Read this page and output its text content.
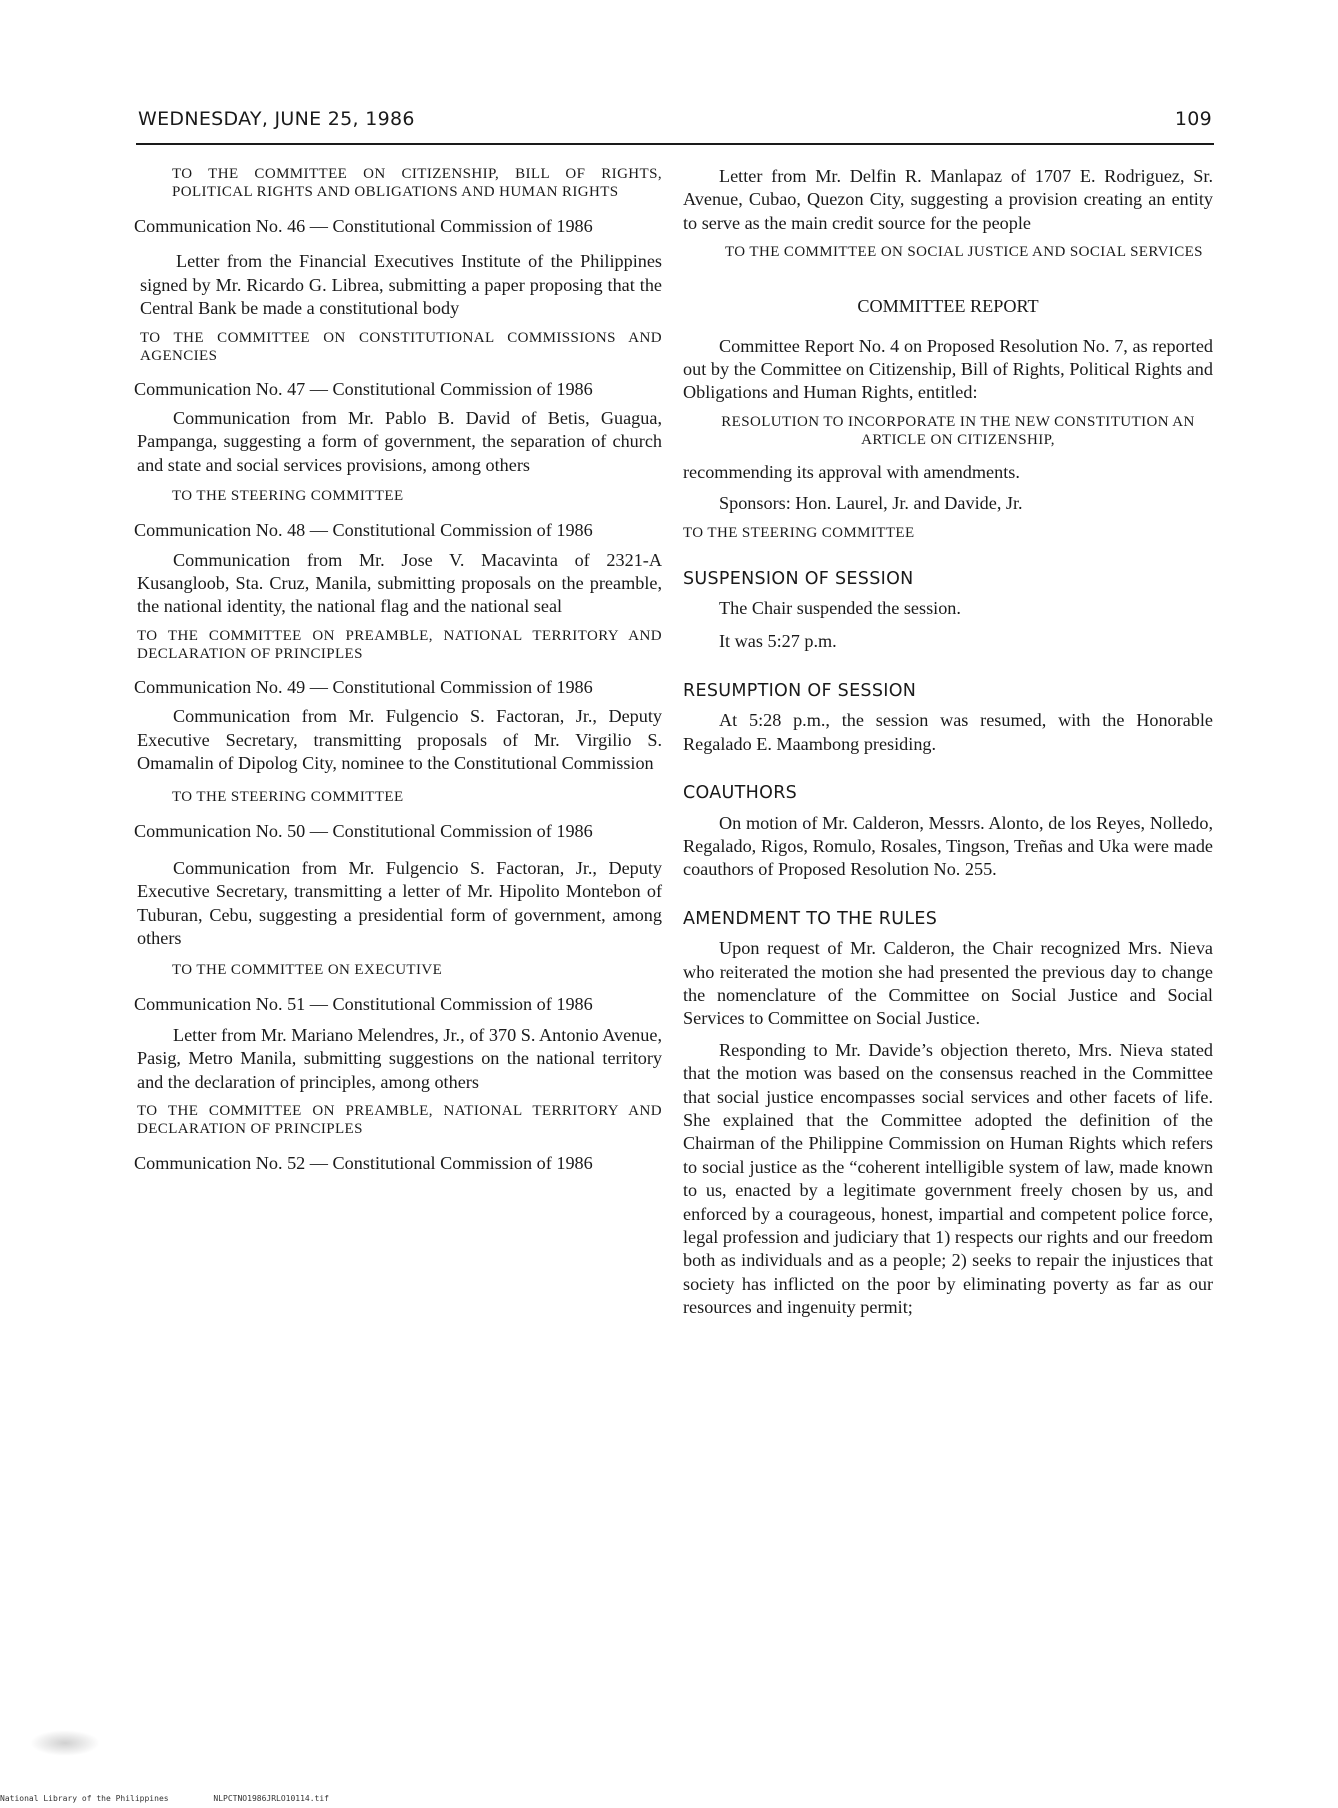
WEDNESDAY, JUNE 25, 1986	109

TO THE COMMITTEE ON CITIZENSHIP, BILL OF RIGHTS, POLITICAL RIGHTS AND OBLIGATIONS AND HUMAN RIGHTS

Communication No. 46 — Constitutional Commission of 1986

Letter from the Financial Executives Institute of the Philippines signed by Mr. Ricardo G. Librea, submitting a paper proposing that the Central Bank be made a constitutional body

TO THE COMMITTEE ON CONSTITUTIONAL COMMISSIONS AND AGENCIES

Communication No. 47 — Constitutional Commission of 1986

Communication from Mr. Pablo B. David of Betis, Guagua, Pampanga, suggesting a form of government, the separation of church and state and social services provisions, among others

TO THE STEERING COMMITTEE

Communication No. 48 — Constitutional Commission of 1986

Communication from Mr. Jose V. Macavinta of 2321-A Kusangloob, Sta. Cruz, Manila, submitting proposals on the preamble, the national identity, the national flag and the national seal

TO THE COMMITTEE ON PREAMBLE, NATIONAL TERRITORY AND DECLARATION OF PRINCIPLES

Communication No. 49 — Constitutional Commission of 1986

Communication from Mr. Fulgencio S. Factoran, Jr., Deputy Executive Secretary, transmitting proposals of Mr. Virgilio S. Omamalin of Dipolog City, nominee to the Constitutional Commission

TO THE STEERING COMMITTEE

Communication No. 50 — Constitutional Commission of 1986

Communication from Mr. Fulgencio S. Factoran, Jr., Deputy Executive Secretary, transmitting a letter of Mr. Hipolito Montebon of Tuburan, Cebu, suggesting a presidential form of government, among others

TO THE COMMITTEE ON EXECUTIVE

Communication No. 51 — Constitutional Commission of 1986

Letter from Mr. Mariano Melendres, Jr., of 370 S. Antonio Avenue, Pasig, Metro Manila, submitting suggestions on the national territory and the declaration of principles, among others

TO THE COMMITTEE ON PREAMBLE, NATIONAL TERRITORY AND DECLARATION OF PRINCIPLES

Communication No. 52 — Constitutional Commission of 1986

Letter from Mr. Delfin R. Manlapaz of 1707 E. Rodriguez, Sr. Avenue, Cubao, Quezon City, suggesting a provision creating an entity to serve as the main credit source for the people

TO THE COMMITTEE ON SOCIAL JUSTICE AND SOCIAL SERVICES

COMMITTEE REPORT

Committee Report No. 4 on Proposed Resolution No. 7, as reported out by the Committee on Citizenship, Bill of Rights, Political Rights and Obligations and Human Rights, entitled:

RESOLUTION TO INCORPORATE IN THE NEW CONSTITUTION AN ARTICLE ON CITIZENSHIP,

recommending its approval with amendments.

Sponsors: Hon. Laurel, Jr. and Davide, Jr.

TO THE STEERING COMMITTEE

SUSPENSION OF SESSION

The Chair suspended the session.

It was 5:27 p.m.

RESUMPTION OF SESSION

At 5:28 p.m., the session was resumed, with the Honorable Regalado E. Maambong presiding.

COAUTHORS

On motion of Mr. Calderon, Messrs. Alonto, de los Reyes, Nolledo, Regalado, Rigos, Romulo, Rosales, Tingson, Treñas and Uka were made coauthors of Proposed Resolution No. 255.

AMENDMENT TO THE RULES

Upon request of Mr. Calderon, the Chair recognized Mrs. Nieva who reiterated the motion she had presented the previous day to change the nomenclature of the Committee on Social Justice and Social Services to Committee on Social Justice.

Responding to Mr. Davide’s objection thereto, Mrs. Nieva stated that the motion was based on the consensus reached in the Committee that social justice encompasses social services and other facets of life. She explained that the Committee adopted the definition of the Chairman of the Philippine Commission on Human Rights which refers to social justice as the “coherent intelligible system of law, made known to us, enacted by a legitimate government freely chosen by us, and enforced by a courageous, honest, impartial and competent police force, legal profession and judiciary that 1) respects our rights and our freedom both as individuals and as a people; 2) seeks to repair the injustices that society has inflicted on the poor by eliminating poverty as far as our resources and ingenuity permit;

National Library of the Philippines	NLPCTNO1986JRLO10114.tif
